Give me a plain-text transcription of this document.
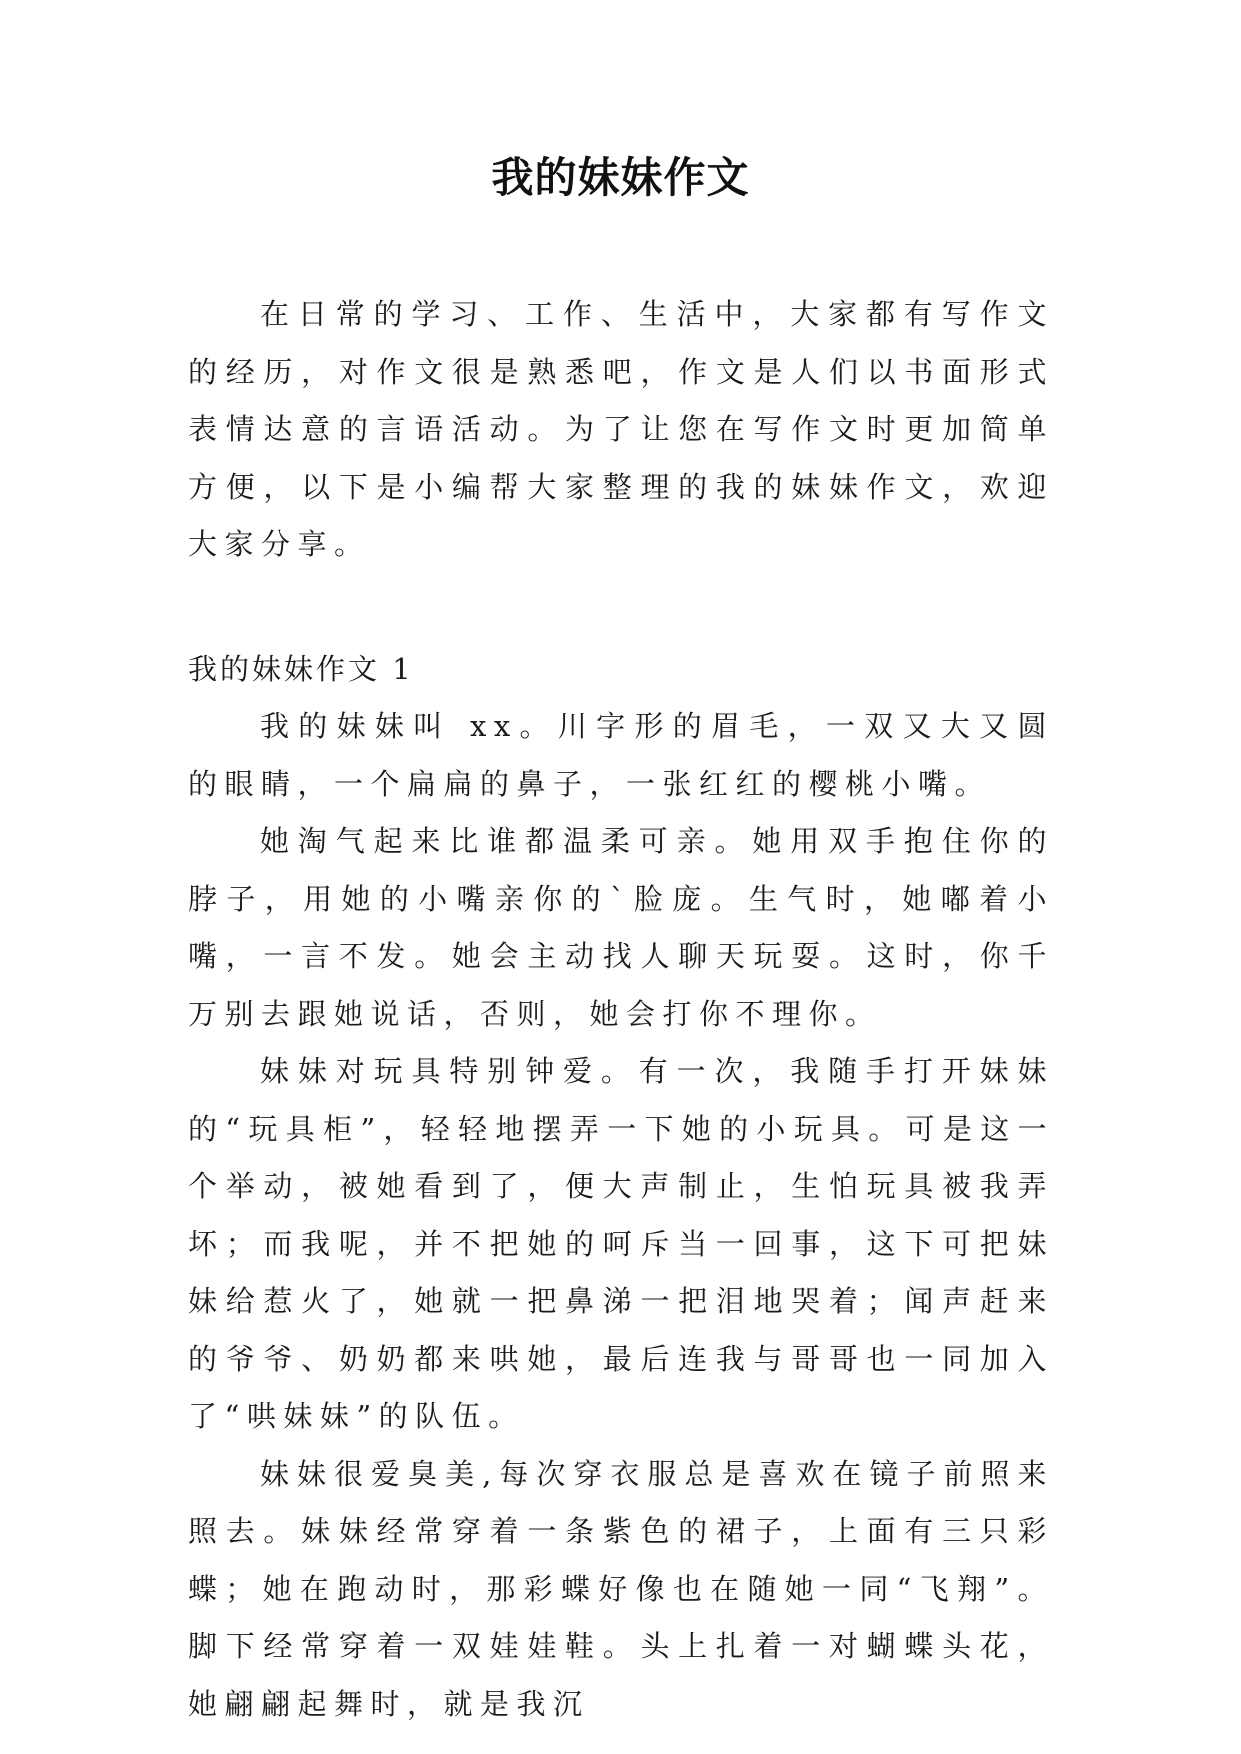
我的妹妹作文

在日常的学习、工作、生活中，大家都有写作文的经历，对作文很是熟悉吧，作文是人们以书面形式表情达意的言语活动。为了让您在写作文时更加简单方便，以下是小编帮大家整理的我的妹妹作文，欢迎大家分享。

我的妹妹作文 1

我的妹妹叫 xx。川字形的眉毛，一双又大又圆的眼睛，一个扁扁的鼻子，一张红红的樱桃小嘴。

她淘气起来比谁都温柔可亲。她用双手抱住你的脖子，用她的小嘴亲你的`脸庞。生气时，她嘟着小嘴，一言不发。她会主动找人聊天玩耍。这时，你千万别去跟她说话，否则，她会打你不理你。

妹妹对玩具特别钟爱。有一次，我随手打开妹妹的“玩具柜”，轻轻地摆弄一下她的小玩具。可是这一个举动，被她看到了，便大声制止，生怕玩具被我弄坏；而我呢，并不把她的呵斥当一回事，这下可把妹妹给惹火了，她就一把鼻涕一把泪地哭着；闻声赶来的爷爷、奶奶都来哄她，最后连我与哥哥也一同加入了“哄妹妹”的队伍。

妹妹很爱臭美,每次穿衣服总是喜欢在镜子前照来照去。妹妹经常穿着一条紫色的裙子，上面有三只彩蝶；她在跑动时，那彩蝶好像也在随她一同“飞翔”。脚下经常穿着一双娃娃鞋。头上扎着一对蝴蝶头花，她翩翩起舞时，就是我沉
